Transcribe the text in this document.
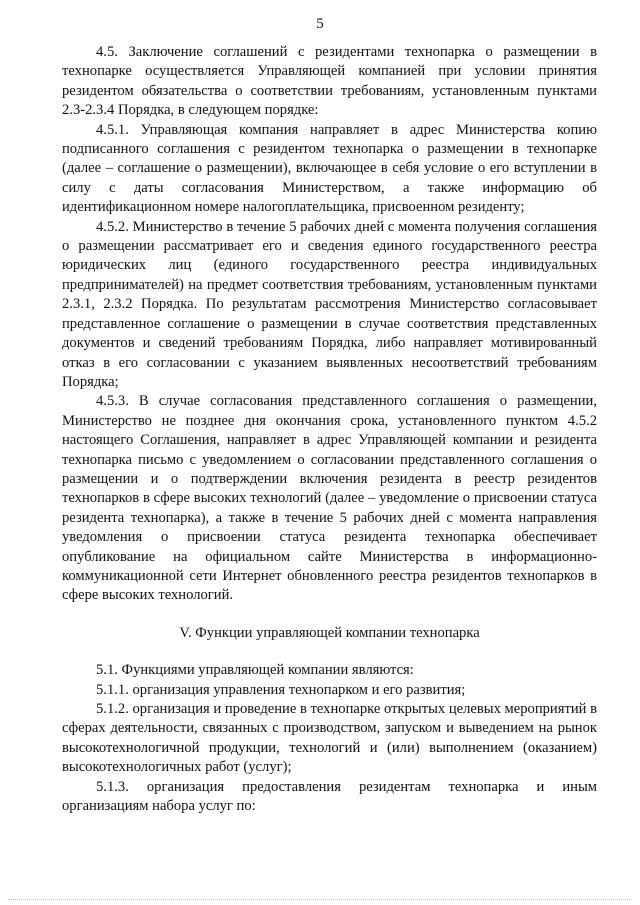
5

4.5. Заключение соглашений с резидентами технопарка о размещении в технопарке осуществляется Управляющей компанией при условии принятия резидентом обязательства о соответствии требованиям, установленным пунктами 2.3-2.3.4 Порядка, в следующем порядке:

4.5.1. Управляющая компания направляет в адрес Министерства копию подписанного соглашения с резидентом технопарка о размещении в технопарке (далее – соглашение о размещении), включающее в себя условие о его вступлении в силу с даты согласования Министерством, а также информацию об идентификационном номере налогоплательщика, присвоенном резиденту;

4.5.2. Министерство в течение 5 рабочих дней с момента получения соглашения о размещении рассматривает его и сведения единого государственного реестра юридических лиц (единого государственного реестра индивидуальных предпринимателей) на предмет соответствия требованиям, установленным пунктами 2.3.1, 2.3.2 Порядка. По результатам рассмотрения Министерство согласовывает представленное соглашение о размещении в случае соответствия представленных документов и сведений требованиям Порядка, либо направляет мотивированный отказ в его согласовании с указанием выявленных несоответствий требованиям Порядка;

4.5.3. В случае согласования представленного соглашения о размещении, Министерство не позднее дня окончания срока, установленного пунктом 4.5.2 настоящего Соглашения, направляет в адрес Управляющей компании и резидента технопарка письмо с уведомлением о согласовании представленного соглашения о размещении и о подтверждении включения резидента в реестр резидентов технопарков в сфере высоких технологий (далее – уведомление о присвоении статуса резидента технопарка), а также в течение 5 рабочих дней с момента направления уведомления о присвоении статуса резидента технопарка обеспечивает опубликование на официальном сайте Министерства в информационно-коммуникационной сети Интернет обновленного реестра резидентов технопарков в сфере высоких технологий.

V. Функции управляющей компании технопарка

5.1. Функциями управляющей компании являются:

5.1.1. организация управления технопарком и его развития;

5.1.2. организация и проведение в технопарке открытых целевых мероприятий в сферах деятельности, связанных с производством, запуском и выведением на рынок высокотехнологичной продукции, технологий и (или) выполнением (оказанием) высокотехнологичных работ (услуг);

5.1.3. организация предоставления резидентам технопарка и иным организациям набора услуг по:
